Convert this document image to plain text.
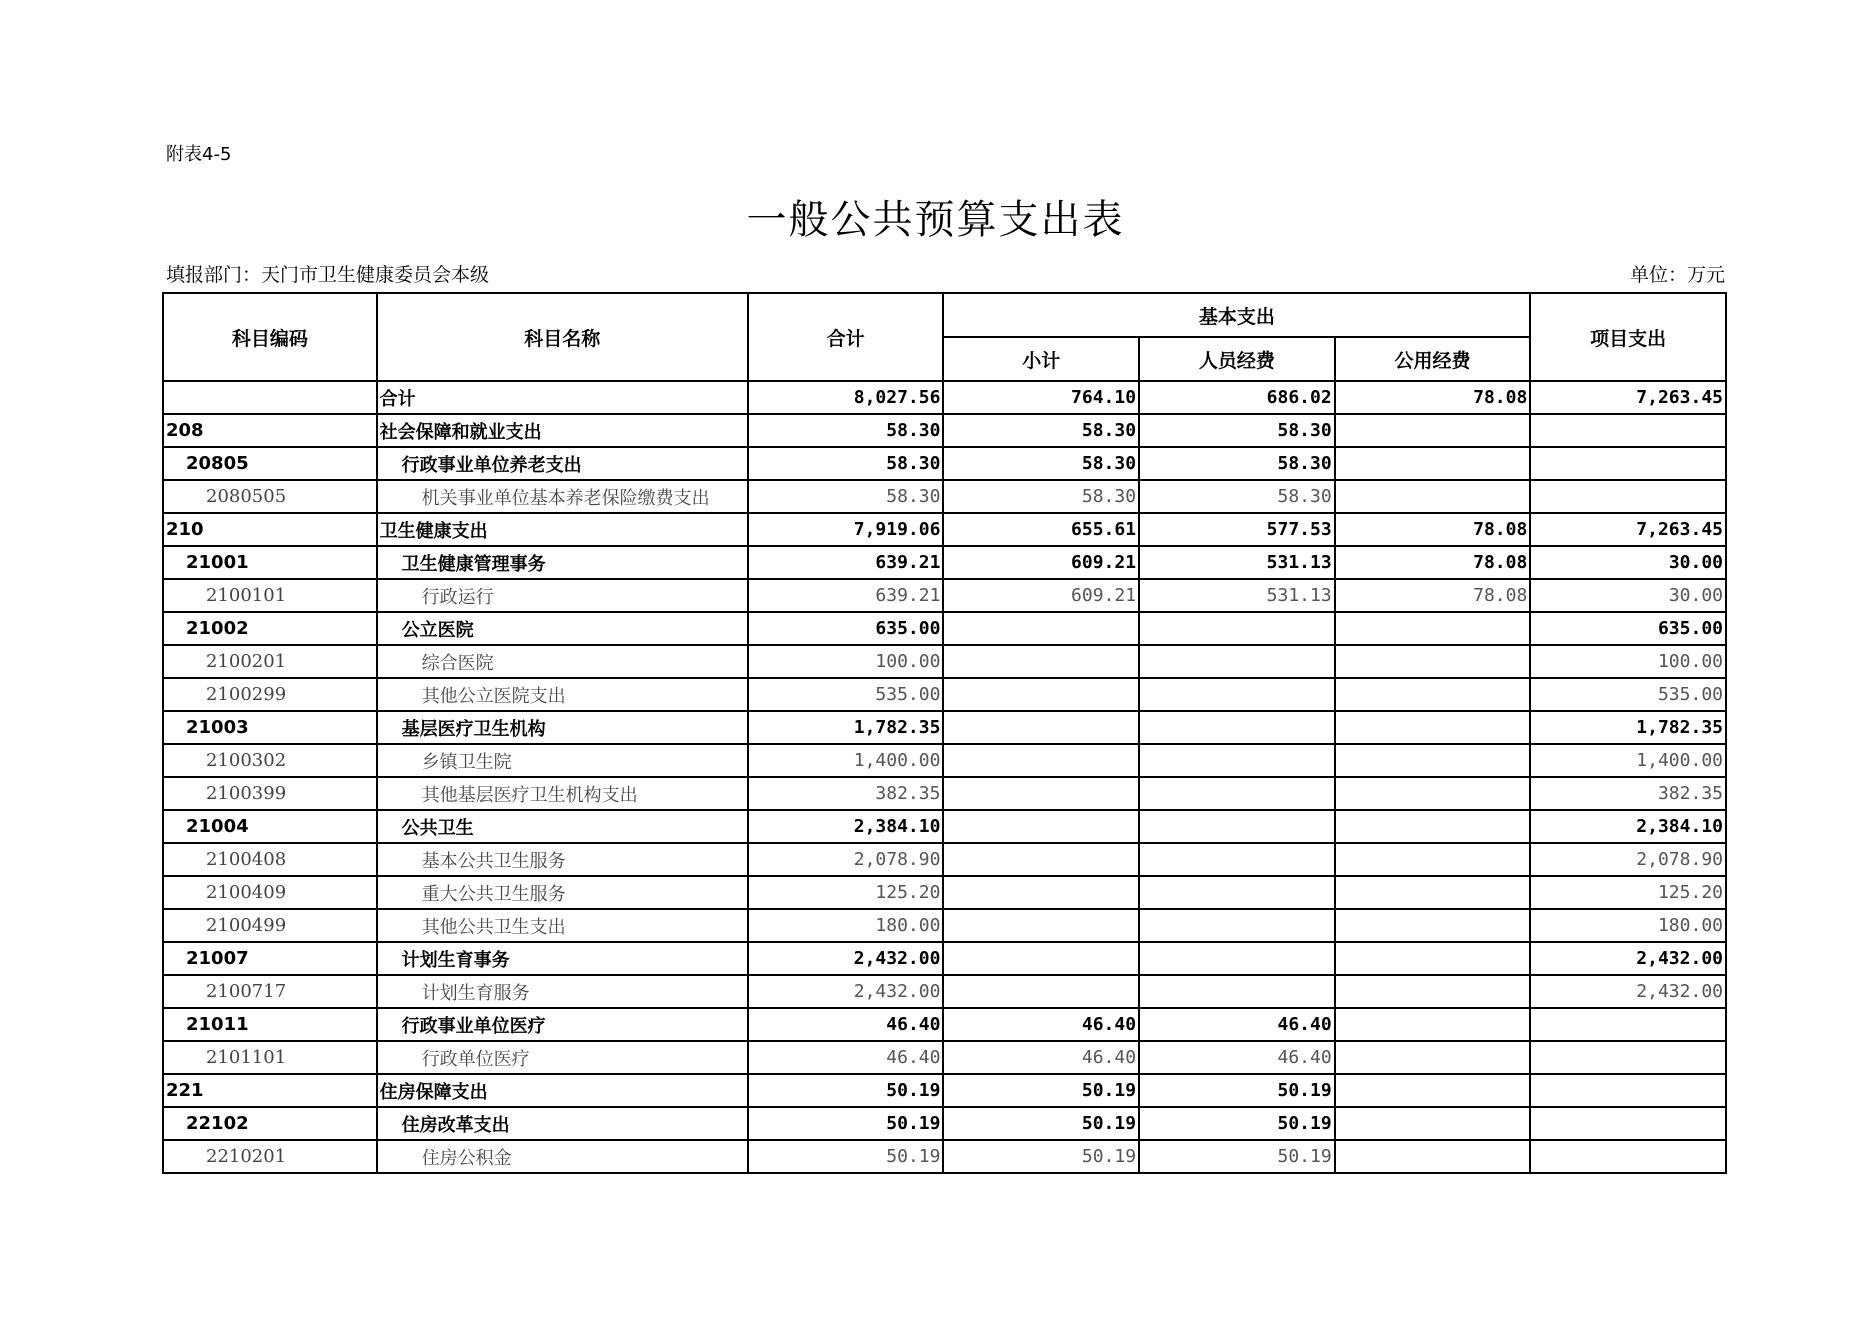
附表4-5
一般公共预算支出表
填报部门：天门市卫生健康委员会本级	单位：万元
科目编码	科目名称	合计	基本支出			项目支出
			小计	人员经费	公用经费	
	合计	8,027.56	764.10	686.02	78.08	7,263.45
208	社会保障和就业支出	58.30	58.30	58.30		
20805	行政事业单位养老支出	58.30	58.30	58.30		
2080505	机关事业单位基本养老保险缴费支出	58.30	58.30	58.30		
210	卫生健康支出	7,919.06	655.61	577.53	78.08	7,263.45
21001	卫生健康管理事务	639.21	609.21	531.13	78.08	30.00
2100101	行政运行	639.21	609.21	531.13	78.08	30.00
21002	公立医院	635.00				635.00
2100201	综合医院	100.00				100.00
2100299	其他公立医院支出	535.00				535.00
21003	基层医疗卫生机构	1,782.35				1,782.35
2100302	乡镇卫生院	1,400.00				1,400.00
2100399	其他基层医疗卫生机构支出	382.35				382.35
21004	公共卫生	2,384.10				2,384.10
2100408	基本公共卫生服务	2,078.90				2,078.90
2100409	重大公共卫生服务	125.20				125.20
2100499	其他公共卫生支出	180.00				180.00
21007	计划生育事务	2,432.00				2,432.00
2100717	计划生育服务	2,432.00				2,432.00
21011	行政事业单位医疗	46.40	46.40	46.40		
2101101	行政单位医疗	46.40	46.40	46.40		
221	住房保障支出	50.19	50.19	50.19		
22102	住房改革支出	50.19	50.19	50.19		
2210201	住房公积金	50.19	50.19	50.19		
